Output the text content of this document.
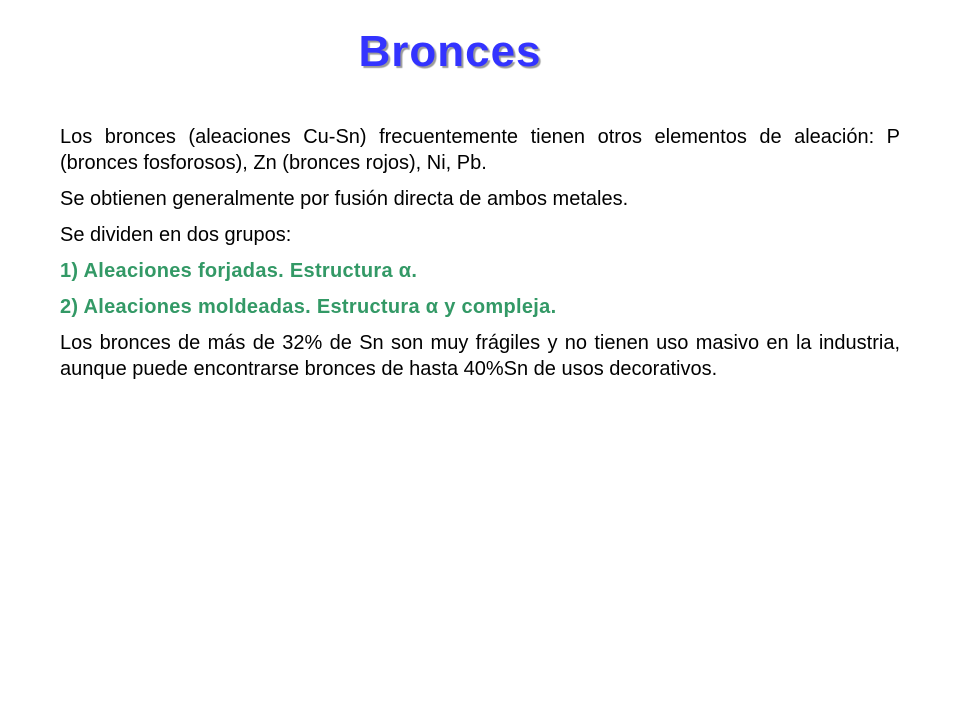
Bronces

Los bronces (aleaciones Cu-Sn) frecuentemente tienen otros elementos de aleación: P (bronces fosforosos), Zn (bronces rojos), Ni, Pb.

Se obtienen generalmente por fusión directa de ambos metales.

Se dividen en dos grupos:

1) Aleaciones forjadas. Estructura α.

2) Aleaciones moldeadas. Estructura α y compleja.

Los bronces de más de 32% de Sn son muy frágiles y no tienen uso masivo en la industria, aunque puede encontrarse bronces de hasta 40%Sn de usos decorativos.
